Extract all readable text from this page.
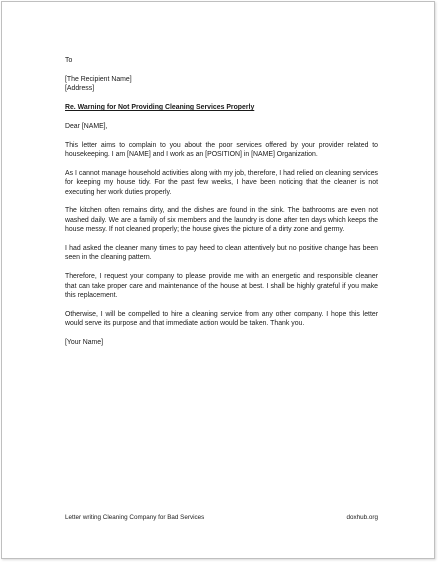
To

[The Recipient Name]
[Address]

Re. Warning for Not Providing Cleaning Services Properly

Dear [NAME],

This letter aims to complain to you about the poor services offered by your provider related to housekeeping. I am [NAME] and I work as an [POSITION] in [NAME] Organization.

As I cannot manage household activities along with my job, therefore, I had relied on cleaning services for keeping my house tidy. For the past few weeks, I have been noticing that the cleaner is not executing her work duties properly.

The kitchen often remains dirty, and the dishes are found in the sink. The bathrooms are even not washed daily. We are a family of six members and the laundry is done after ten days which keeps the house messy. If not cleaned properly; the house gives the picture of a dirty zone and germy.

I had asked the cleaner many times to pay heed to clean attentively but no positive change has been seen in the cleaning pattern.

Therefore, I request your company to please provide me with an energetic and responsible cleaner that can take proper care and maintenance of the house at best. I shall be highly grateful if you make this replacement.

Otherwise, I will be compelled to hire a cleaning service from any other company. I hope this letter would serve its purpose and that immediate action would be taken. Thank you.

[Your Name]

Letter writing Cleaning Company for Bad Services	doxhub.org
